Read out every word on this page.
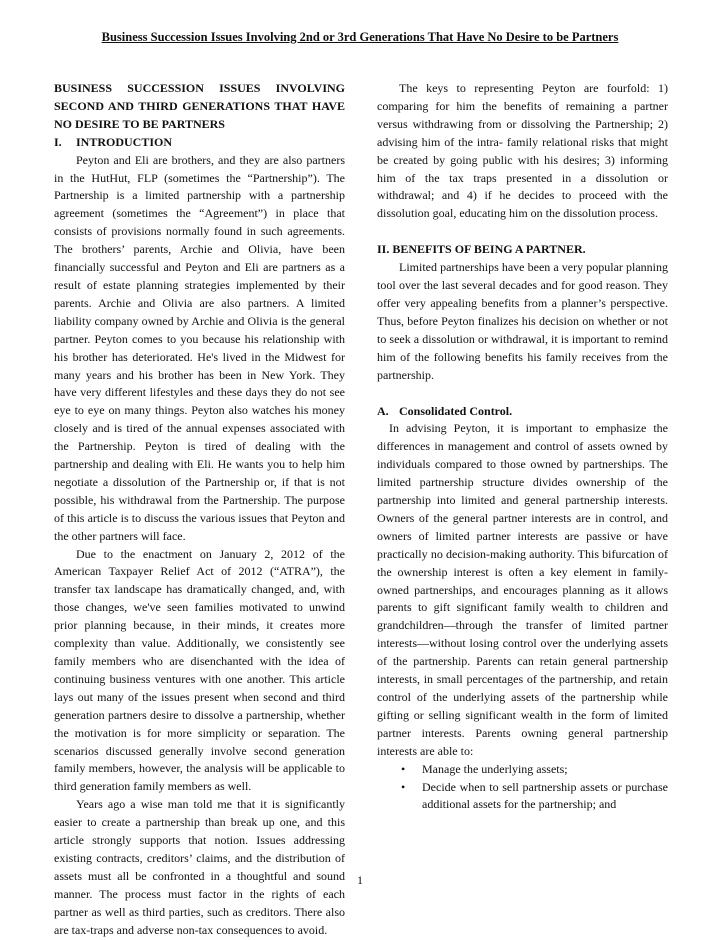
Business Succession Issues Involving 2nd or 3rd Generations That Have No Desire to be Partners

BUSINESS SUCCESSION ISSUES INVOLVING SECOND AND THIRD GENERATIONS THAT HAVE NO DESIRE TO BE PARTNERS

I. INTRODUCTION

Peyton and Eli are brothers, and they are also partners in the HutHut, FLP (sometimes the “Partnership”). The Partnership is a limited partnership with a partnership agreement (sometimes the “Agreement”) in place that consists of provisions normally found in such agreements. The brothers’ parents, Archie and Olivia, have been financially successful and Peyton and Eli are partners as a result of estate planning strategies implemented by their parents. Archie and Olivia are also partners. A limited liability company owned by Archie and Olivia is the general partner. Peyton comes to you because his relationship with his brother has deteriorated. He's lived in the Midwest for many years and his brother has been in New York. They have very different lifestyles and these days they do not see eye to eye on many things. Peyton also watches his money closely and is tired of the annual expenses associated with the Partnership. Peyton is tired of dealing with the partnership and dealing with Eli. He wants you to help him negotiate a dissolution of the Partnership or, if that is not possible, his withdrawal from the Partnership. The purpose of this article is to discuss the various issues that Peyton and the other partners will face.

Due to the enactment on January 2, 2012 of the American Taxpayer Relief Act of 2012 (“ATRA”), the transfer tax landscape has dramatically changed, and, with those changes, we've seen families motivated to unwind prior planning because, in their minds, it creates more complexity than value. Additionally, we consistently see family members who are disenchanted with the idea of continuing business ventures with one another. This article lays out many of the issues present when second and third generation partners desire to dissolve a partnership, whether the motivation is for more simplicity or separation. The scenarios discussed generally involve second generation family members, however, the analysis will be applicable to third generation family members as well.

Years ago a wise man told me that it is significantly easier to create a partnership than break up one, and this article strongly supports that notion. Issues addressing existing contracts, creditors’ claims, and the distribution of assets must all be confronted in a thoughtful and sound manner. The process must factor in the rights of each partner as well as third parties, such as creditors. There also are tax-traps and adverse non-tax consequences to avoid.

The keys to representing Peyton are fourfold: 1) comparing for him the benefits of remaining a partner versus withdrawing from or dissolving the Partnership; 2) advising him of the intra- family relational risks that might be created by going public with his desires; 3) informing him of the tax traps presented in a dissolution or withdrawal; and 4) if he decides to proceed with the dissolution goal, educating him on the dissolution process.

II. BENEFITS OF BEING A PARTNER.

Limited partnerships have been a very popular planning tool over the last several decades and for good reason. They offer very appealing benefits from a planner’s perspective. Thus, before Peyton finalizes his decision on whether or not to seek a dissolution or withdrawal, it is important to remind him of the following benefits his family receives from the partnership.

A. Consolidated Control.

In advising Peyton, it is important to emphasize the differences in management and control of assets owned by individuals compared to those owned by partnerships. The limited partnership structure divides ownership of the partnership into limited and general partnership interests. Owners of the general partner interests are in control, and owners of limited partner interests are passive or have practically no decision-making authority. This bifurcation of the ownership interest is often a key element in family- owned partnerships, and encourages planning as it allows parents to gift significant family wealth to children and grandchildren—through the transfer of limited partner interests—without losing control over the underlying assets of the partnership. Parents can retain general partnership interests, in small percentages of the partnership, and retain control of the underlying assets of the partnership while gifting or selling significant wealth in the form of limited partner interests. Parents owning general partnership interests are able to:

• Manage the underlying assets;
• Decide when to sell partnership assets or purchase additional assets for the partnership; and
1
